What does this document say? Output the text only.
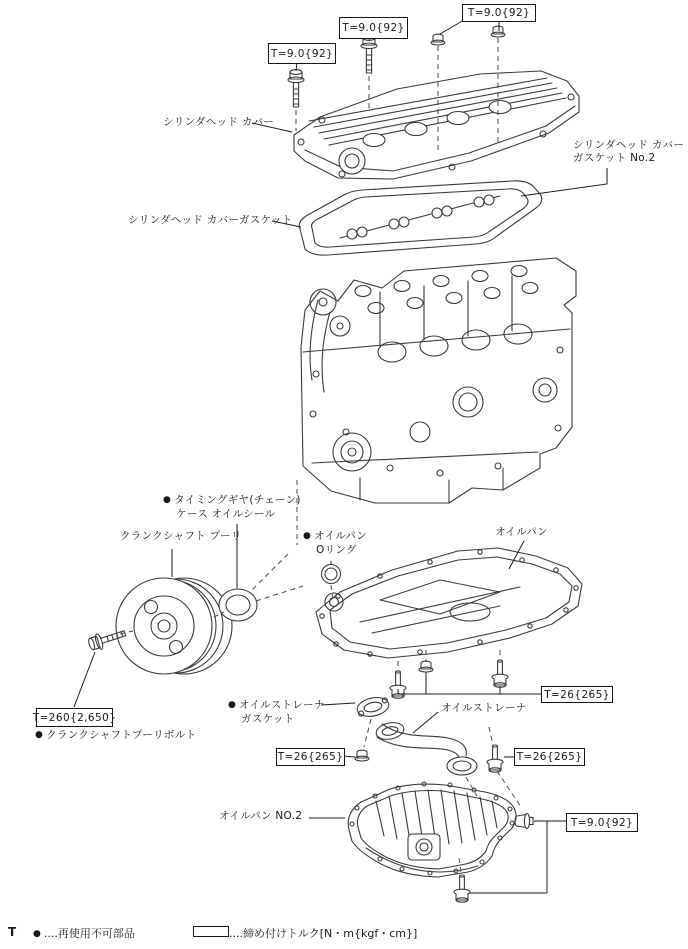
T=9.0{92}
T=9.0{92}
T=9.0{92}
T=260{2,650}
T=26{265}
T=26{265}
T=26{265}
T=9.0{92}
シリンダヘッド カバー
シリンダヘッド カバーガスケット
シリンダヘッド カバー
ガスケット No.2
● タイミングギヤ(チェーン)
ケース オイルシール
クランクシャフト プーリ	● オイルパン
Oリング
オイルパン
● クランクシャフトプーリボルト
● オイルストレーナ
ガスケット
オイルストレーナ
オイルパン NO.2
T ● ....再使用不可部品	....締め付けトルク[N・m{kgf・cm}]
